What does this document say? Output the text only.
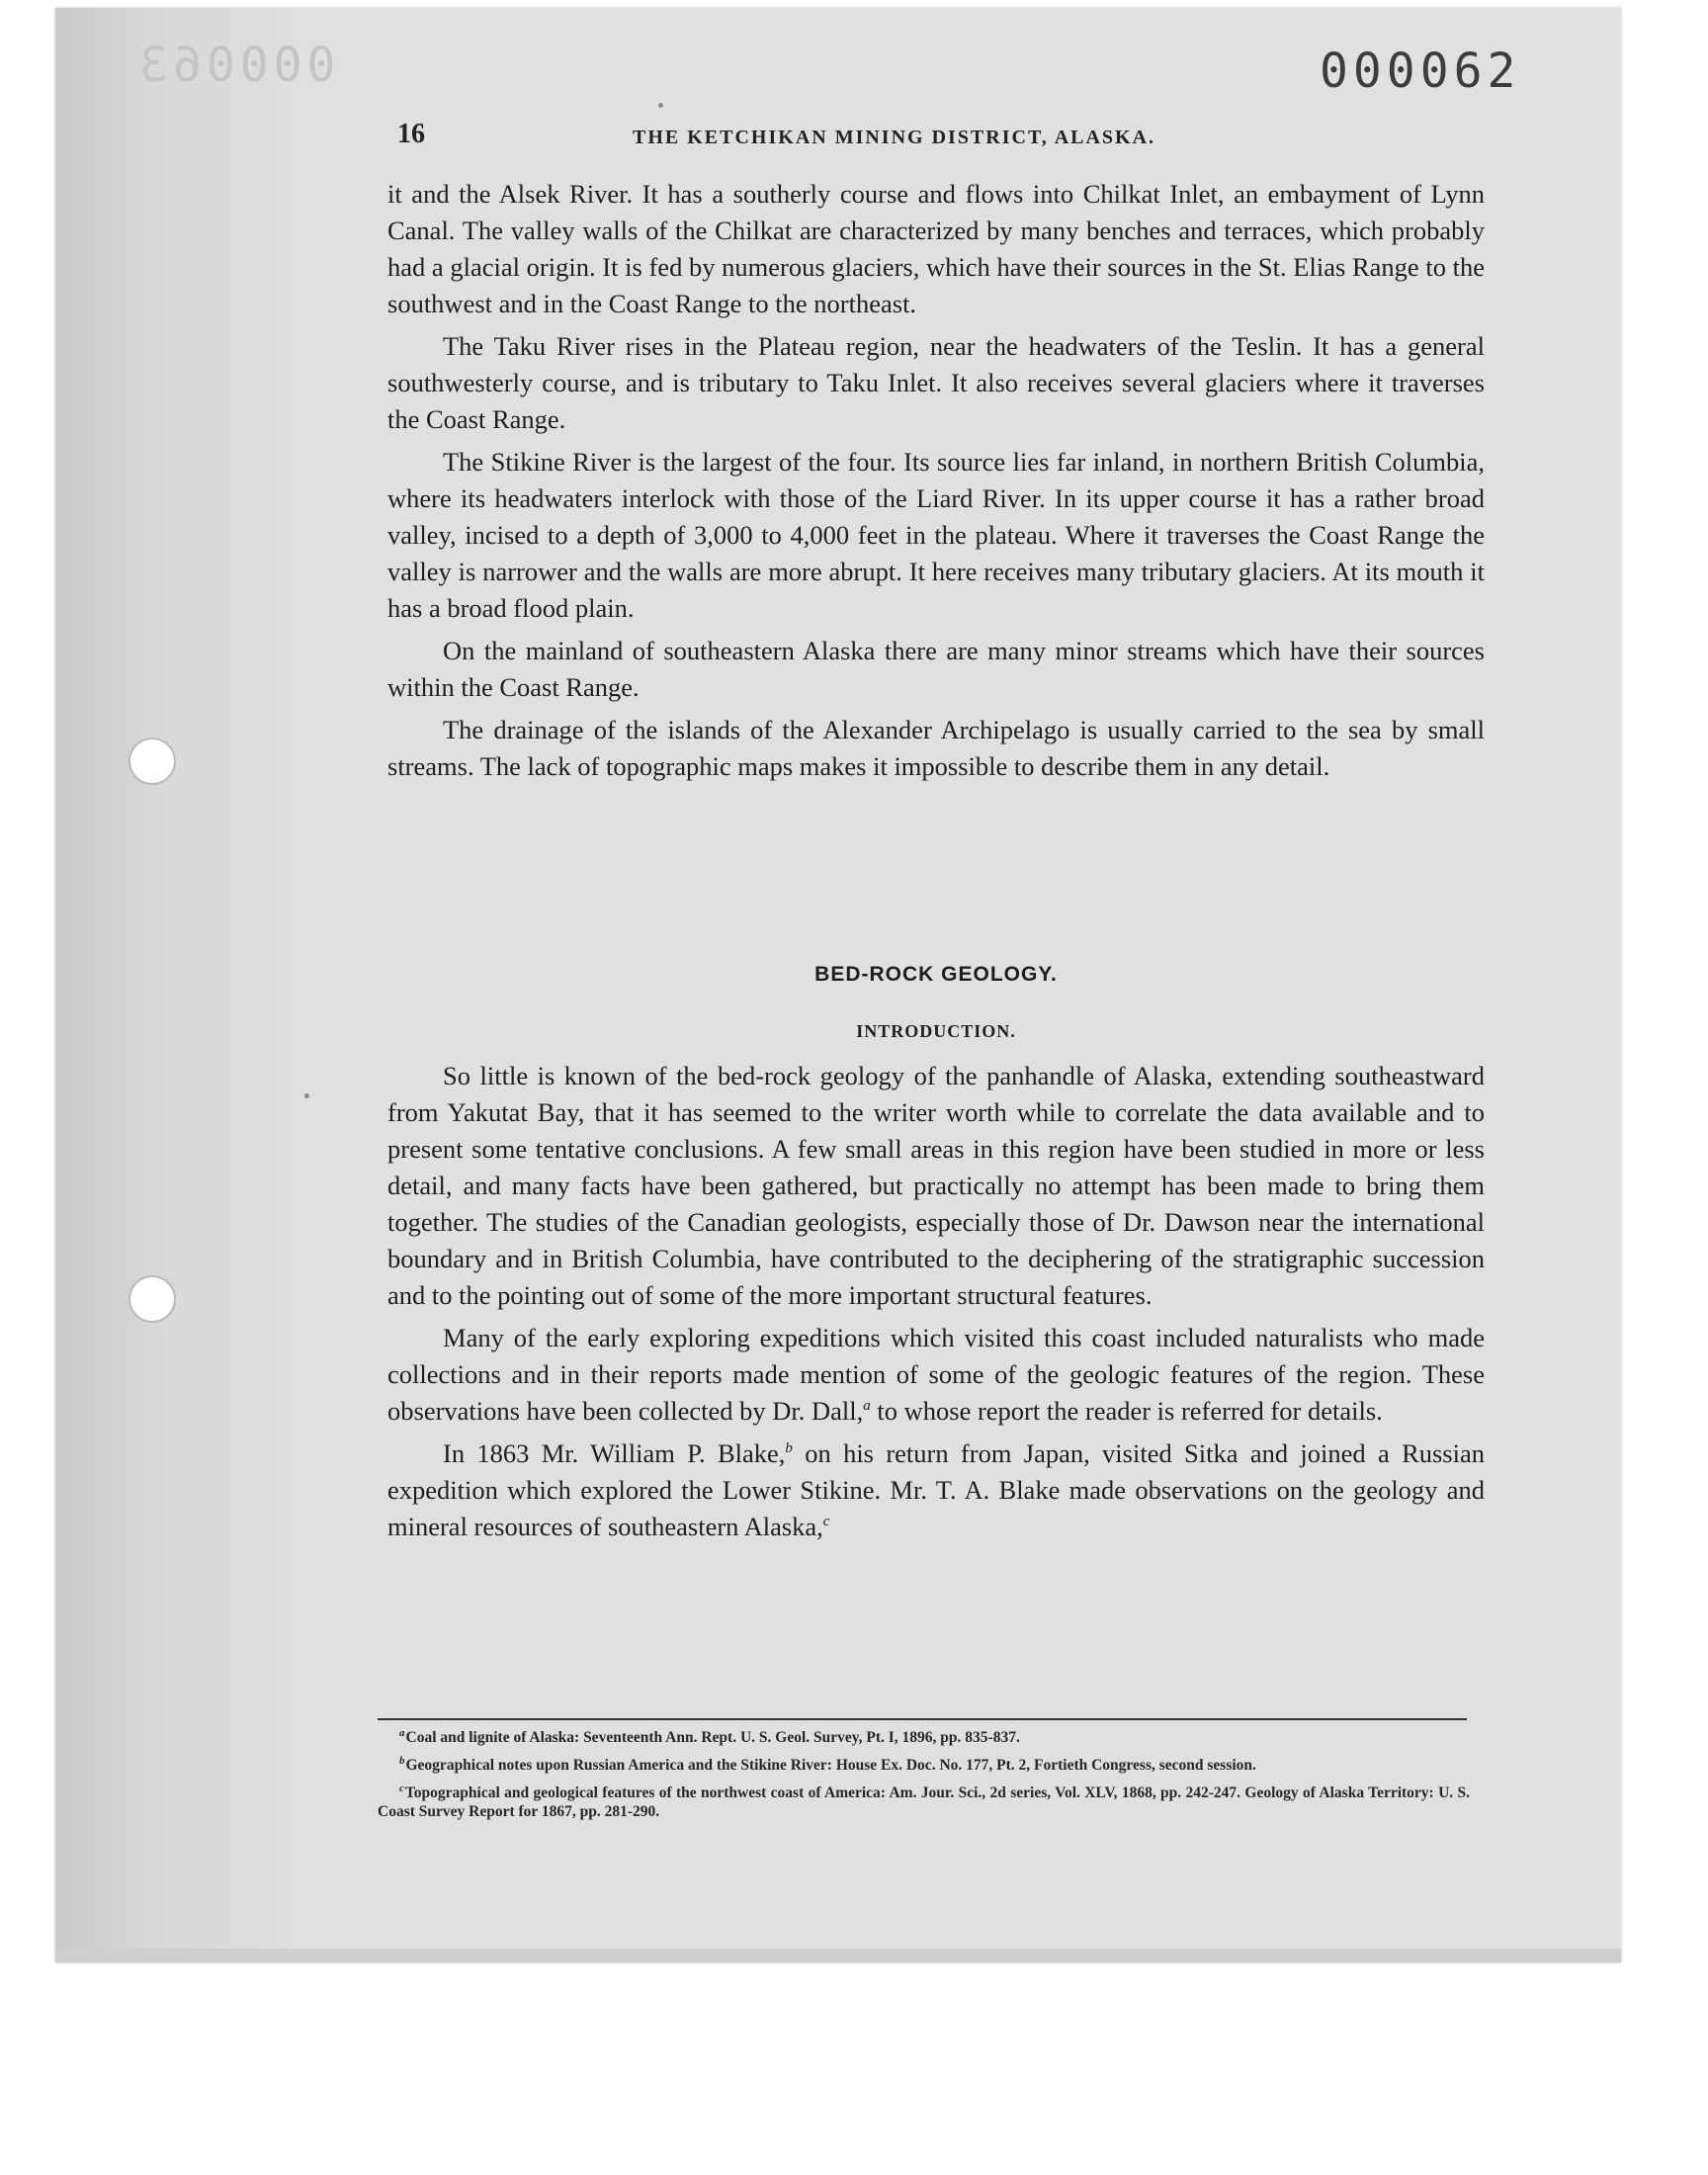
000063	000062
16	THE KETCHIKAN MINING DISTRICT, ALASKA.

it and the Alsek River. It has a southerly course and flows into Chilkat Inlet, an embayment of Lynn Canal. The valley walls of the Chilkat are characterized by many benches and terraces, which probably had a glacial origin. It is fed by numerous glaciers, which have their sources in the St. Elias Range to the southwest and in the Coast Range to the northeast.

The Taku River rises in the Plateau region, near the headwaters of the Teslin. It has a general southwesterly course, and is tributary to Taku Inlet. It also receives several glaciers where it traverses the Coast Range.

The Stikine River is the largest of the four. Its source lies far inland, in northern British Columbia, where its headwaters interlock with those of the Liard River. In its upper course it has a rather broad valley, incised to a depth of 3,000 to 4,000 feet in the plateau. Where it traverses the Coast Range the valley is narrower and the walls are more abrupt. It here receives many tributary glaciers. At its mouth it has a broad flood plain.

On the mainland of southeastern Alaska there are many minor streams which have their sources within the Coast Range.

The drainage of the islands of the Alexander Archipelago is usually carried to the sea by small streams. The lack of topographic maps makes it impossible to describe them in any detail.

BED-ROCK GEOLOGY.
INTRODUCTION.

So little is known of the bed-rock geology of the panhandle of Alaska, extending southeastward from Yakutat Bay, that it has seemed to the writer worth while to correlate the data available and to present some tentative conclusions. A few small areas in this region have been studied in more or less detail, and many facts have been gathered, but practically no attempt has been made to bring them together. The studies of the Canadian geologists, especially those of Dr. Dawson near the international boundary and in British Columbia, have contributed to the deciphering of the stratigraphic succession and to the pointing out of some of the more important structural features.

Many of the early exploring expeditions which visited this coast included naturalists who made collections and in their reports made mention of some of the geologic features of the region. These observations have been collected by Dr. Dall,$^a$ to whose report the reader is referred for details.

In 1863 Mr. William P. Blake,$^b$ on his return from Japan, visited Sitka and joined a Russian expedition which explored the Lower Stikine. Mr. T. A. Blake made observations on the geology and mineral resources of southeastern Alaska,$^c$

$^a$Coal and lignite of Alaska: Seventeenth Ann. Rept. U. S. Geol. Survey, Pt. I, 1896, pp. 835-837.

$^b$Geographical notes upon Russian America and the Stikine River: House Ex. Doc. No. 177, Pt. 2, Fortieth Congress, second session.

$^c$Topographical and geological features of the northwest coast of America: Am. Jour. Sci., 2d series, Vol. XLV, 1868, pp. 242-247. Geology of Alaska Territory: U. S. Coast Survey Report for 1867, pp. 281-290.
